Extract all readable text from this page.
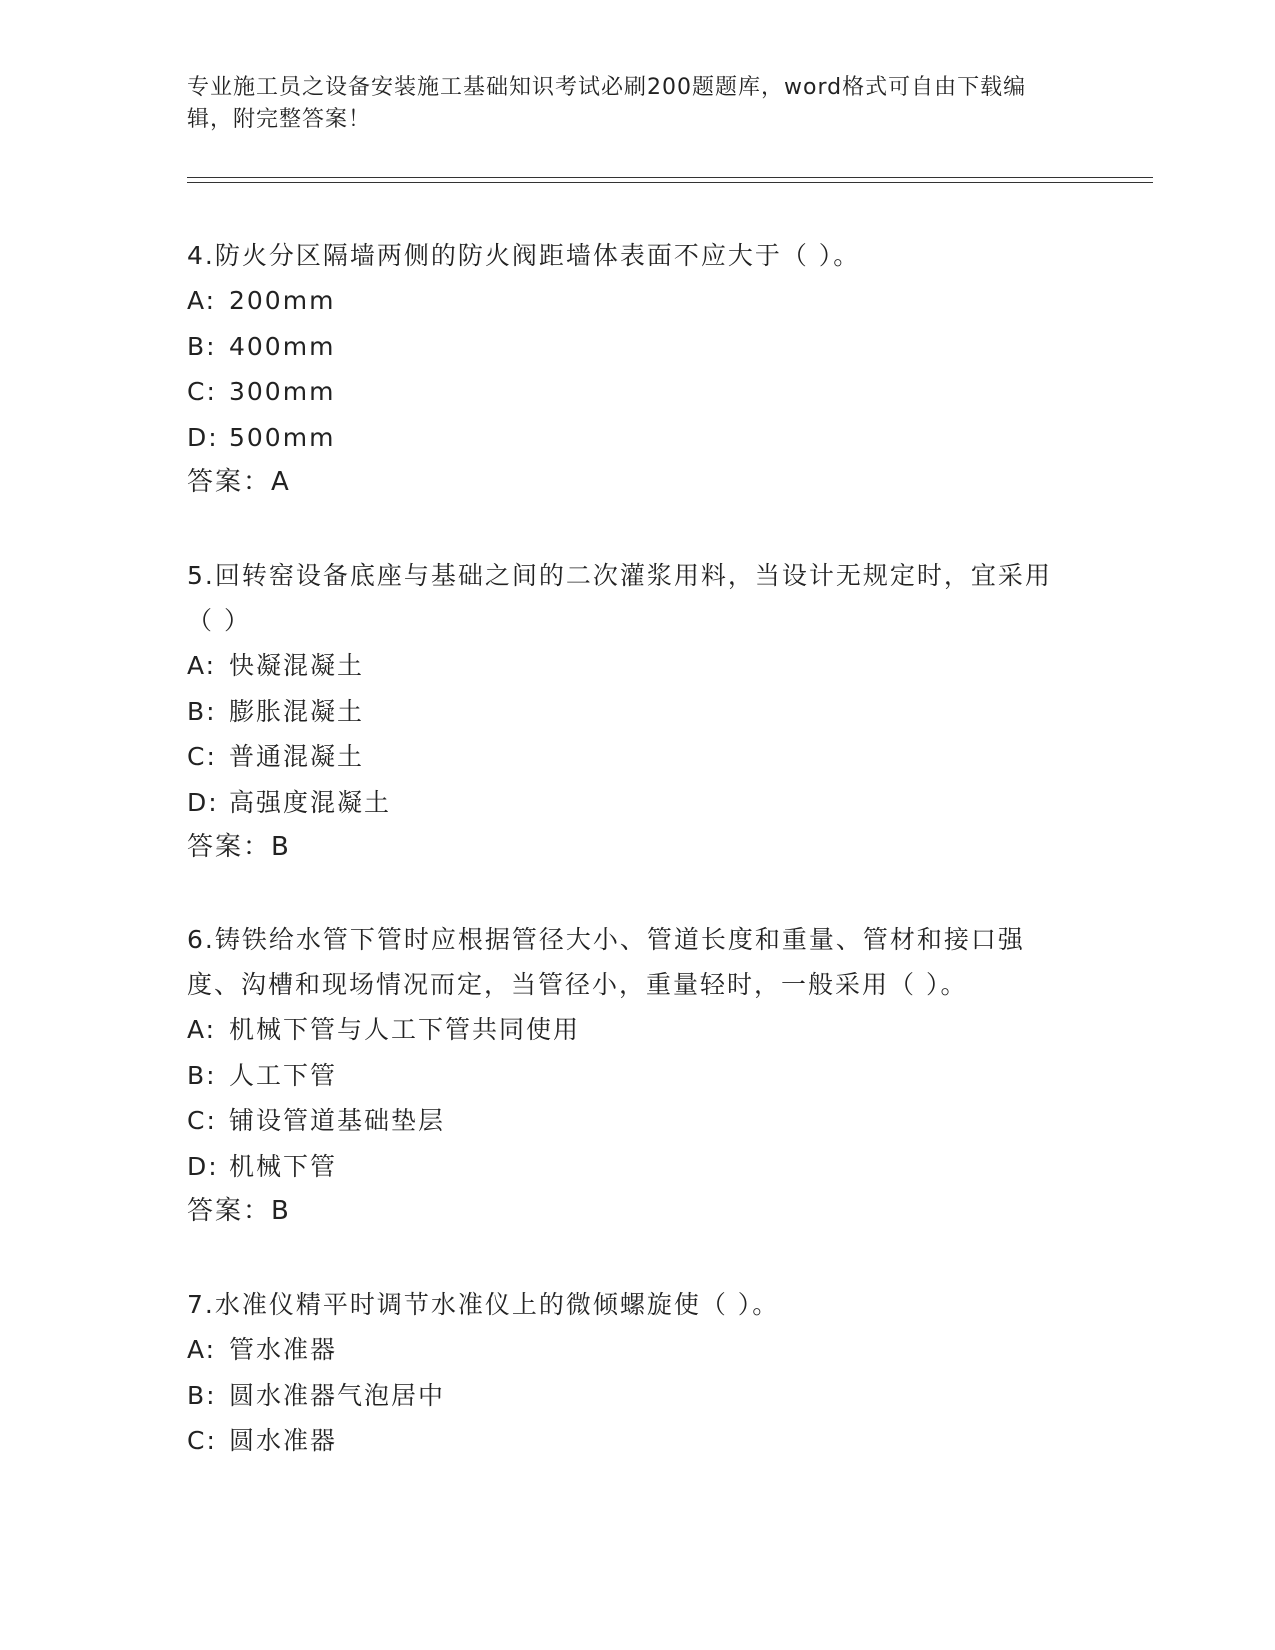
专业施工员之设备安装施工基础知识考试必刷200题题库，word格式可自由下载编辑，附完整答案！

4.防火分区隔墙两侧的防火阀距墙体表面不应大于（ ）。

A: 200mm

B: 400mm

C: 300mm

D: 500mm

答案：A

5.回转窑设备底座与基础之间的二次灌浆用料，当设计无规定时，宜采用（ ）

A: 快凝混凝土

B: 膨胀混凝土

C: 普通混凝土

D: 高强度混凝土

答案：B

6.铸铁给水管下管时应根据管径大小、管道长度和重量、管材和接口强度、沟槽和现场情况而定，当管径小，重量轻时，一般采用（ ）。

A: 机械下管与人工下管共同使用

B: 人工下管

C: 铺设管道基础垫层

D: 机械下管

答案：B

7.水准仪精平时调节水准仪上的微倾螺旋使（ ）。

A: 管水准器

B: 圆水准器气泡居中

C: 圆水准器
